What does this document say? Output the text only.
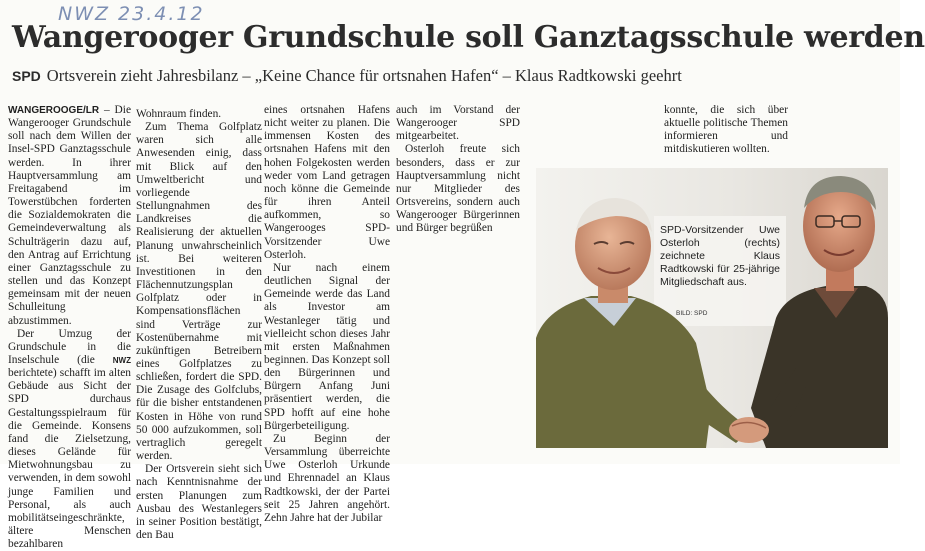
NWZ 23.4.12
Wangerooger Grundschule soll Ganztagsschule werden
SPD Ortsverein zieht Jahresbilanz – „Keine Chance für ortsnahen Hafen“ – Klaus Radtkowski geehrt

WANGEROOGE/LR – Die Wangerooger Grundschule soll nach dem Willen der Insel-SPD Ganztagsschule werden. In ihrer Hauptversammlung am Freitagabend im Towerstübchen forderten die Sozialdemokraten die Gemeindeverwaltung als Schulträgerin dazu auf, den Antrag auf Errichtung einer Ganztagsschule zu stellen und das Konzept gemeinsam mit der neuen Schulleitung abzustimmen.

Der Umzug der Grundschule in die Inselschule (die NWZ berichtete) schafft im alten Gebäude aus Sicht der SPD durchaus Gestaltungsspielraum für die Gemeinde. Konsens fand die Zielsetzung, dieses Gelände für Mietwohnungsbau zu verwenden, in dem sowohl junge Familien und Personal, als auch mobilitätseingeschränkte, ältere Menschen bezahlbaren

Wohnraum finden.

Zum Thema Golfplatz waren sich alle Anwesenden einig, dass mit Blick auf den Umweltbericht und vorliegende Stellungnahmen des Landkreises die Realisierung der aktuellen Planung unwahrscheinlich ist. Bei weiteren Investitionen in den Flächennutzungsplan Golfplatz oder in Kompensationsflächen sind Verträge zur Kostenübernahme mit zukünftigen Betreibern eines Golfplatzes zu schließen, fordert die SPD. Die Zusage des Golfclubs, für die bisher entstandenen Kosten in Höhe von rund 50 000 aufzukommen, soll vertraglich geregelt werden.

Der Ortsverein sieht sich nach Kenntnisnahme der ersten Planungen zum Ausbau des Westanlegers in seiner Position bestätigt, den Bau

eines ortsnahen Hafens nicht weiter zu planen. Die immensen Kosten des ortsnahen Hafens mit den hohen Folgekosten werden weder vom Land getragen noch könne die Gemeinde für ihren Anteil aufkommen, so Wangerooges SPD-Vorsitzender Uwe Osterloh.

Nur nach einem deutlichen Signal der Gemeinde werde das Land als Investor am Westanleger tätig und vielleicht schon dieses Jahr mit ersten Maßnahmen beginnen. Das Konzept soll den Bürgerinnen und Bürgern Anfang Juni präsentiert werden, die SPD hofft auf eine hohe Bürgerbeteiligung.

Zu Beginn der Versammlung überreichte Uwe Osterloh Urkunde und Ehrennadel an Klaus Radtkowski, der der Partei seit 25 Jahren angehört. Zehn Jahre hat der Jubilar

auch im Vorstand der Wangerooger SPD mitgearbeitet.

Osterloh freute sich besonders, dass er zur Hauptversammlung nicht nur Mitglieder des Ortsvereins, sondern auch Wangerooger Bürgerinnen und Bürger begrüßen

konnte, die sich über aktuelle politische Themen informieren und mitdiskutieren wollten.

SPD-Vorsitzender Uwe Osterloh (rechts) zeichnete Klaus Radtkowski für 25-jährige Mitgliedschaft aus.
BILD: SPD
